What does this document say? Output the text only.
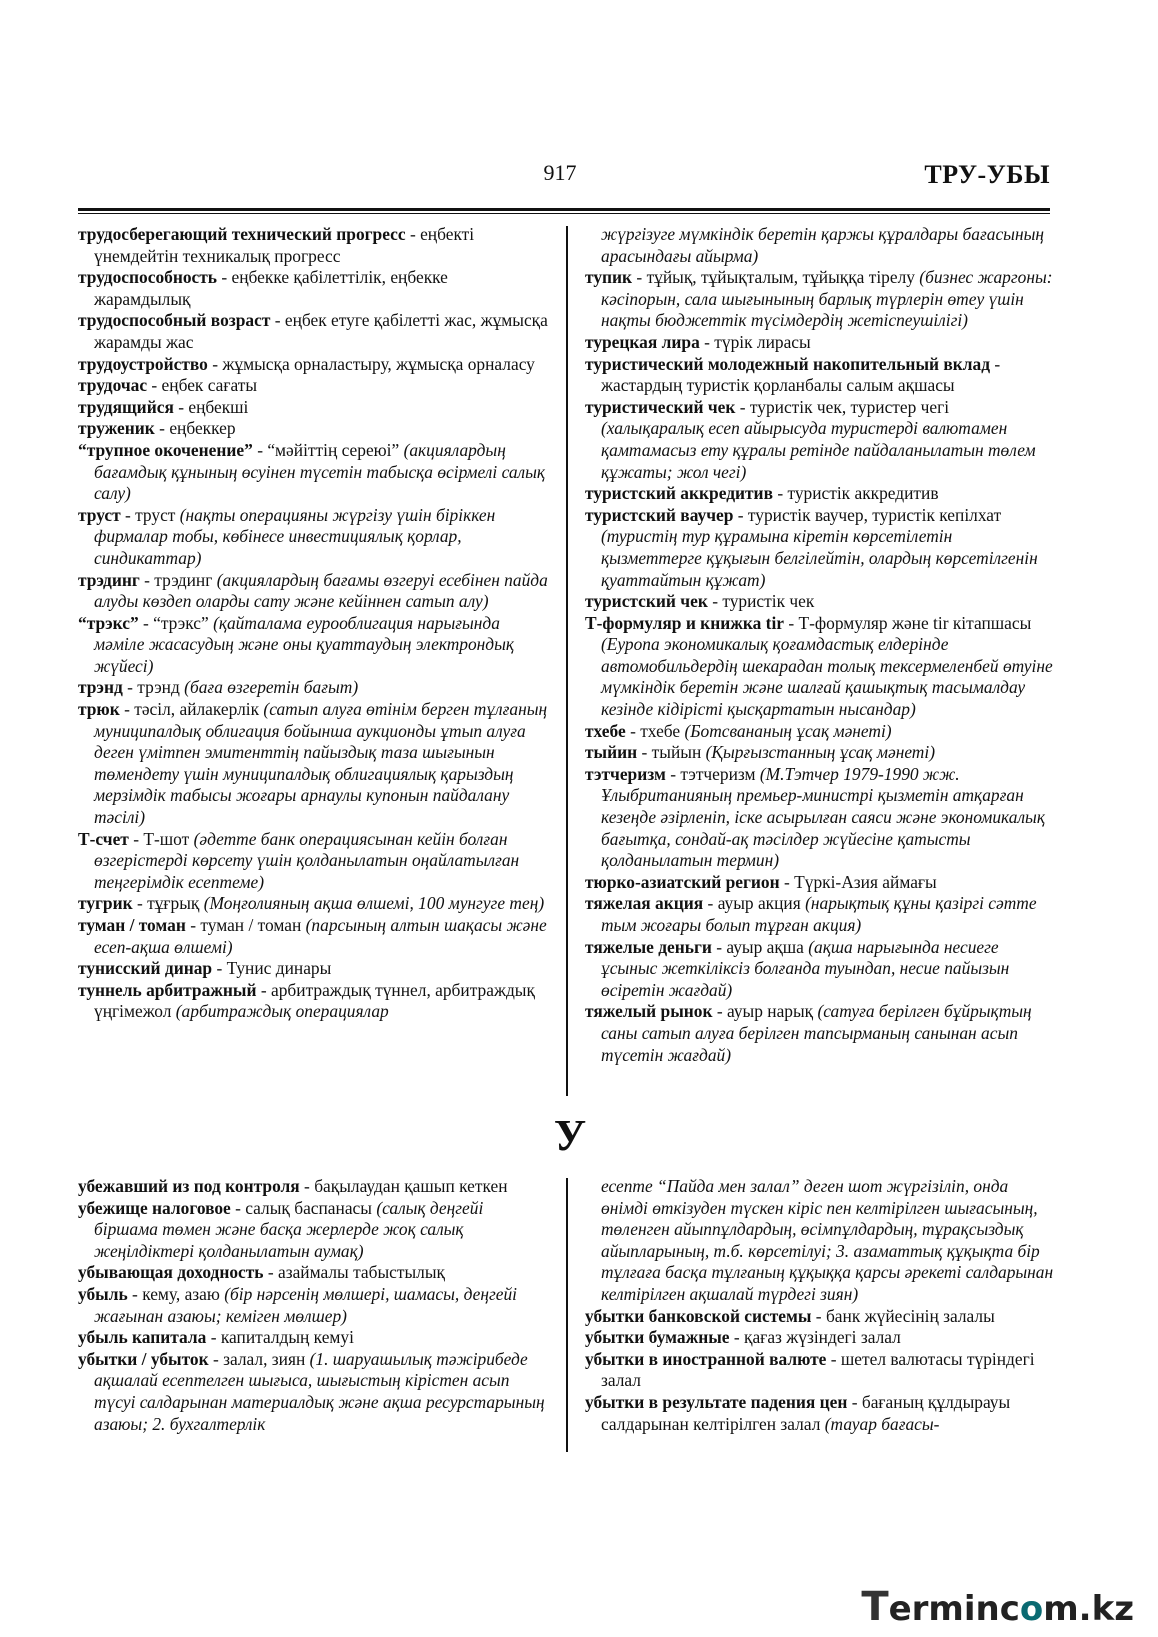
917	ТРУ-УБЫ

трудосберегающий технический прогресс - еңбекті үнемдейтін техникалық прогресс

трудоспособность - еңбекке қабілеттілік, еңбекке жарамдылық

трудоспособный возраст - еңбек етуге қабілетті жас, жұмысқа жарамды жас

трудоустройство - жұмысқа орналастыру, жұмысқа орналасу

трудочас - еңбек сағаты

трудящийся - еңбекші

труженик - еңбеккер

“трупное окоченение” - “мәйіттің сереюі” (акциялардың бағамдық құнының өсуінен түсетін табысқа өсірмелі салық салу)

труст - труст (нақты операцияны жүргізу үшін біріккен фирмалар тобы, көбінесе инвестициялық қорлар, синдикаттар)

трэдинг - трэдинг (акциялардың бағамы өзгеруі есебінен пайда алуды көздеп оларды сату және кейіннен сатып алу)

“трэкс” - “трэкс” (қайталама еурооблигация нарығында мәміле жасасудың және оны қуаттаудың электрондық жүйесі)

трэнд - трэнд (баға өзгеретін бағыт)

трюк - тәсіл, айлакерлік (сатып алуға өтінім берген тұлғаның муниципалдық облигация бойынша аукционды ұтып алуға деген үмітпен эмитенттің пайыздық таза шығынын төмендету үшін муниципалдық облигациялық қарыздың мерзімдік табысы жоғары арнаулы купонын пайдалану тәсілі)

Т-счет - Т-шот (әдетте банк операциясынан кейін болған өзгерістерді көрсету үшін қолданылатын оңайлатылған теңгерімдік есептеме)

тугрик - тұғрық (Моңғолияның ақша өлшемі, 100 мунгуге тең)

туман / томан - туман / томан (парсының алтын шақасы және есеп-ақша өлшемі)

тунисский динар - Тунис динары

туннель арбитражный - арбитраждық түннел, арбитраждық үңгімежол (арбитраждық операциялар

жүргізуге мүмкіндік беретін қаржы құралдары бағасының арасындағы айырма)

тупик - тұйық, тұйықталым, тұйыққа тірелу (бизнес жаргоны: кәсіпорын, сала шығынының барлық түрлерін өтеу үшін нақты бюджеттік түсімдердің жетіспеушілігі)

турецкая лира - түрік лирасы

туристический молодежный накопительный вклад - жастардың туристік қорланбалы салым ақшасы

туристический чек - туристік чек, туристер чегі (халықаралық есеп айырысуда туристерді валютамен қамтамасыз ету құралы ретінде пайдаланылатын төлем құжаты; жол чегі)

туристский аккредитив - туристік аккредитив

туристский ваучер - туристік ваучер, туристік кепілхат (туристің тур құрамына кіретін көрсетілетін қызметтерге құқығын белгілейтін, олардың көрсетілгенін қуаттайтын құжат)

туристский чек - туристік чек

Т-формуляр и книжка tir - Т-формуляр және tir кітапшасы (Еуропа экономикалық қоғамдастық елдерінде автомобильдердің шекарадан толық тексермеленбей өтуіне мүмкіндік беретін және шалғай қашықтық тасымалдау кезінде кідірісті қысқартатын нысандар)

тхебе - тхебе (Ботсвананың ұсақ мәнеті)

тыйин - тыйын (Қырғызстанның ұсақ мәнеті)

тэтчеризм - тэтчеризм (М.Тэтчер 1979-1990 жж. Ұлыбританияның премьер-министрі қызметін атқарған кезеңде әзірленіп, іске асырылған саяси және экономикалық бағытқа, сондай-ақ тәсілдер жүйесіне қатысты қолданылатын термин)

тюрко-азиатский регион - Түркі-Азия аймағы

тяжелая акция - ауыр акция (нарықтық құны қазіргі сәтте тым жоғары болып тұрған акция)

тяжелые деньги - ауыр ақша (ақша нарығында несиеге ұсыныс жеткіліксіз болғанда туындап, несие пайызын өсіретін жағдай)

тяжелый рынок - ауыр нарық (сатуға берілген бұйрықтың саны сатып алуға берілген тапсырманың санынан асып түсетін жағдай)

У

убежавший из под контроля - бақылаудан қашып кеткен

убежище налоговое - салық баспанасы (салық деңгейі біршама төмен және басқа жерлерде жоқ салық жеңілдіктері қолданылатын аумақ)

убывающая доходность - азаймалы табыстылық

убыль - кему, азаю (бір нәрсенің мөлшері, шамасы, деңгейі жағынан азаюы; кемігeн мөлшер)

убыль капитала - капиталдың кемуі

убытки / убыток - залал, зиян (1. шаруашылық тәжірибеде ақшалай есептелген шығыса, шығыстың кірістен асып түсуі салдарынан материалдық және ақша ресурстарының азаюы; 2. бухгалтерлік

есепте “Пайда мен залал” деген шот жүргізіліп, онда өнімді өткізуден түскен кіріс пен келтірілген шығасының, төленген айыппұлдардың, өсімпұлдардың, тұрақсыздық айыпларының, т.б. көрсетілуі; 3. азаматтық құқықта бір тұлғаға басқа тұлғаның құқыққа қарсы әрекеті салдарынан келтірілген ақшалай түрдегі зиян)

убытки банковской системы - банк жүйесінің залалы

убытки бумажные - қағаз жүзіндегі залал

убытки в иностранной валюте - шетел валютасы түріндегі залал

убытки в результате падения цен - бағаның құлдырауы салдарынан келтірілген залал (тауар бағасы-

Termincom.kz
